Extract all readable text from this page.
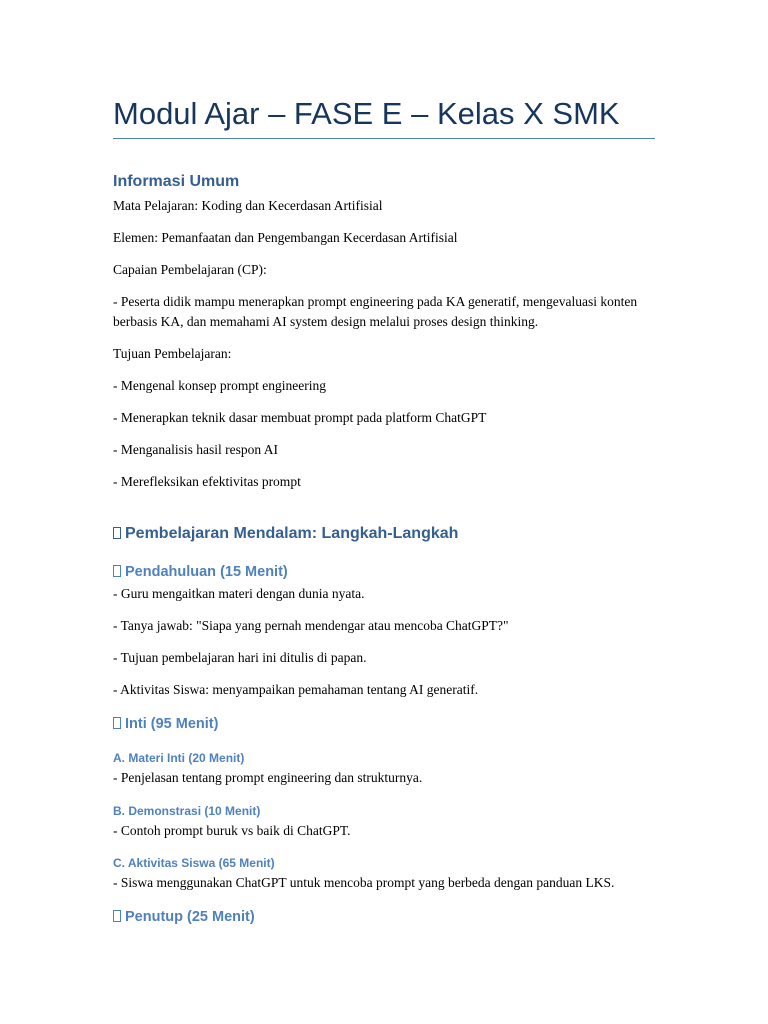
Modul Ajar – FASE E – Kelas X SMK
Informasi Umum

Mata Pelajaran: Koding dan Kecerdasan Artifisial

Elemen: Pemanfaatan dan Pengembangan Kecerdasan Artifisial

Capaian Pembelajaran (CP):

- Peserta didik mampu menerapkan prompt engineering pada KA generatif, mengevaluasi konten berbasis KA, dan memahami AI system design melalui proses design thinking.

Tujuan Pembelajaran:

- Mengenal konsep prompt engineering

- Menerapkan teknik dasar membuat prompt pada platform ChatGPT

- Menganalisis hasil respon AI

- Merefleksikan efektivitas prompt

Pembelajaran Mendalam: Langkah-Langkah
Pendahuluan (15 Menit)

- Guru mengaitkan materi dengan dunia nyata.

- Tanya jawab: "Siapa yang pernah mendengar atau mencoba ChatGPT?"

- Tujuan pembelajaran hari ini ditulis di papan.

- Aktivitas Siswa: menyampaikan pemahaman tentang AI generatif.

Inti (95 Menit)
A. Materi Inti (20 Menit)

- Penjelasan tentang prompt engineering dan strukturnya.

B. Demonstrasi (10 Menit)

- Contoh prompt buruk vs baik di ChatGPT.

C. Aktivitas Siswa (65 Menit)

- Siswa menggunakan ChatGPT untuk mencoba prompt yang berbeda dengan panduan LKS.

Penutup (25 Menit)
